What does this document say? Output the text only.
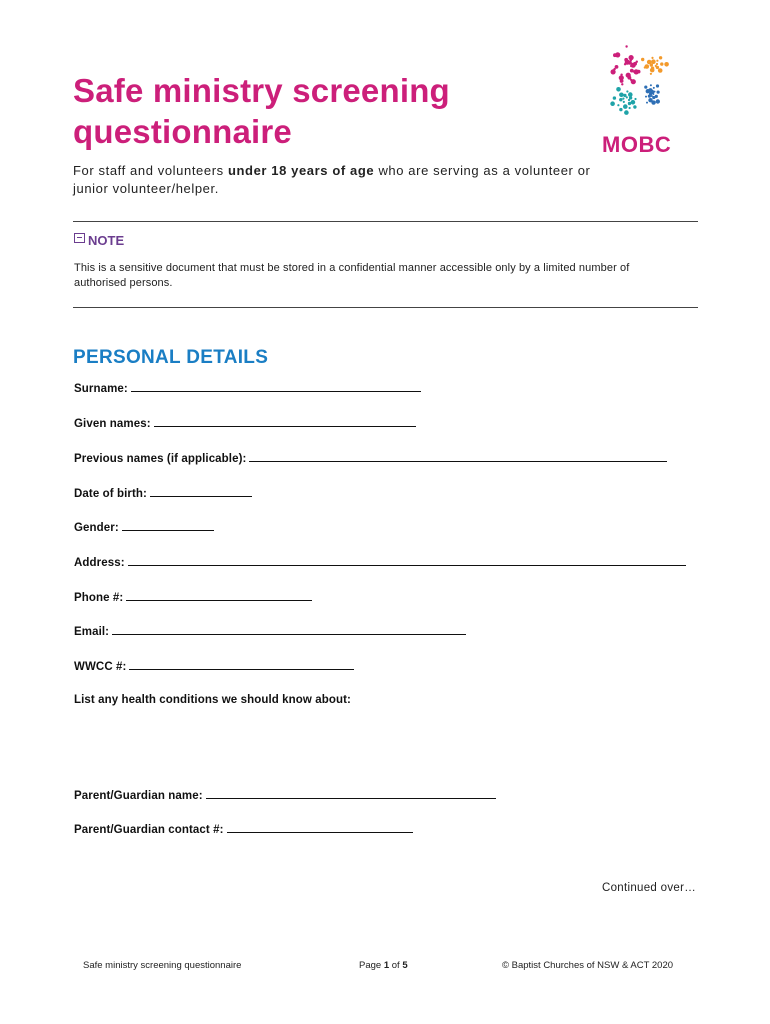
Safe ministry screening
questionnaire

For staff and volunteers under 18 years of age who are serving as a volunteer or junior volunteer/helper.

MOBC
NOTE
This is a sensitive document that must be stored in a confidential manner accessible only by a limited number of authorised persons.
PERSONAL DETAILS
Surname:
Given names:
Previous names (if applicable):
Date of birth:
Gender:
Address:
Phone #:
Email:
WWCC #:
List any health conditions we should know about:
Parent/Guardian name:
Parent/Guardian contact #:
Continued over…
Safe ministry screening questionnaire	Page 1 of 5	© Baptist Churches of NSW & ACT 2020
